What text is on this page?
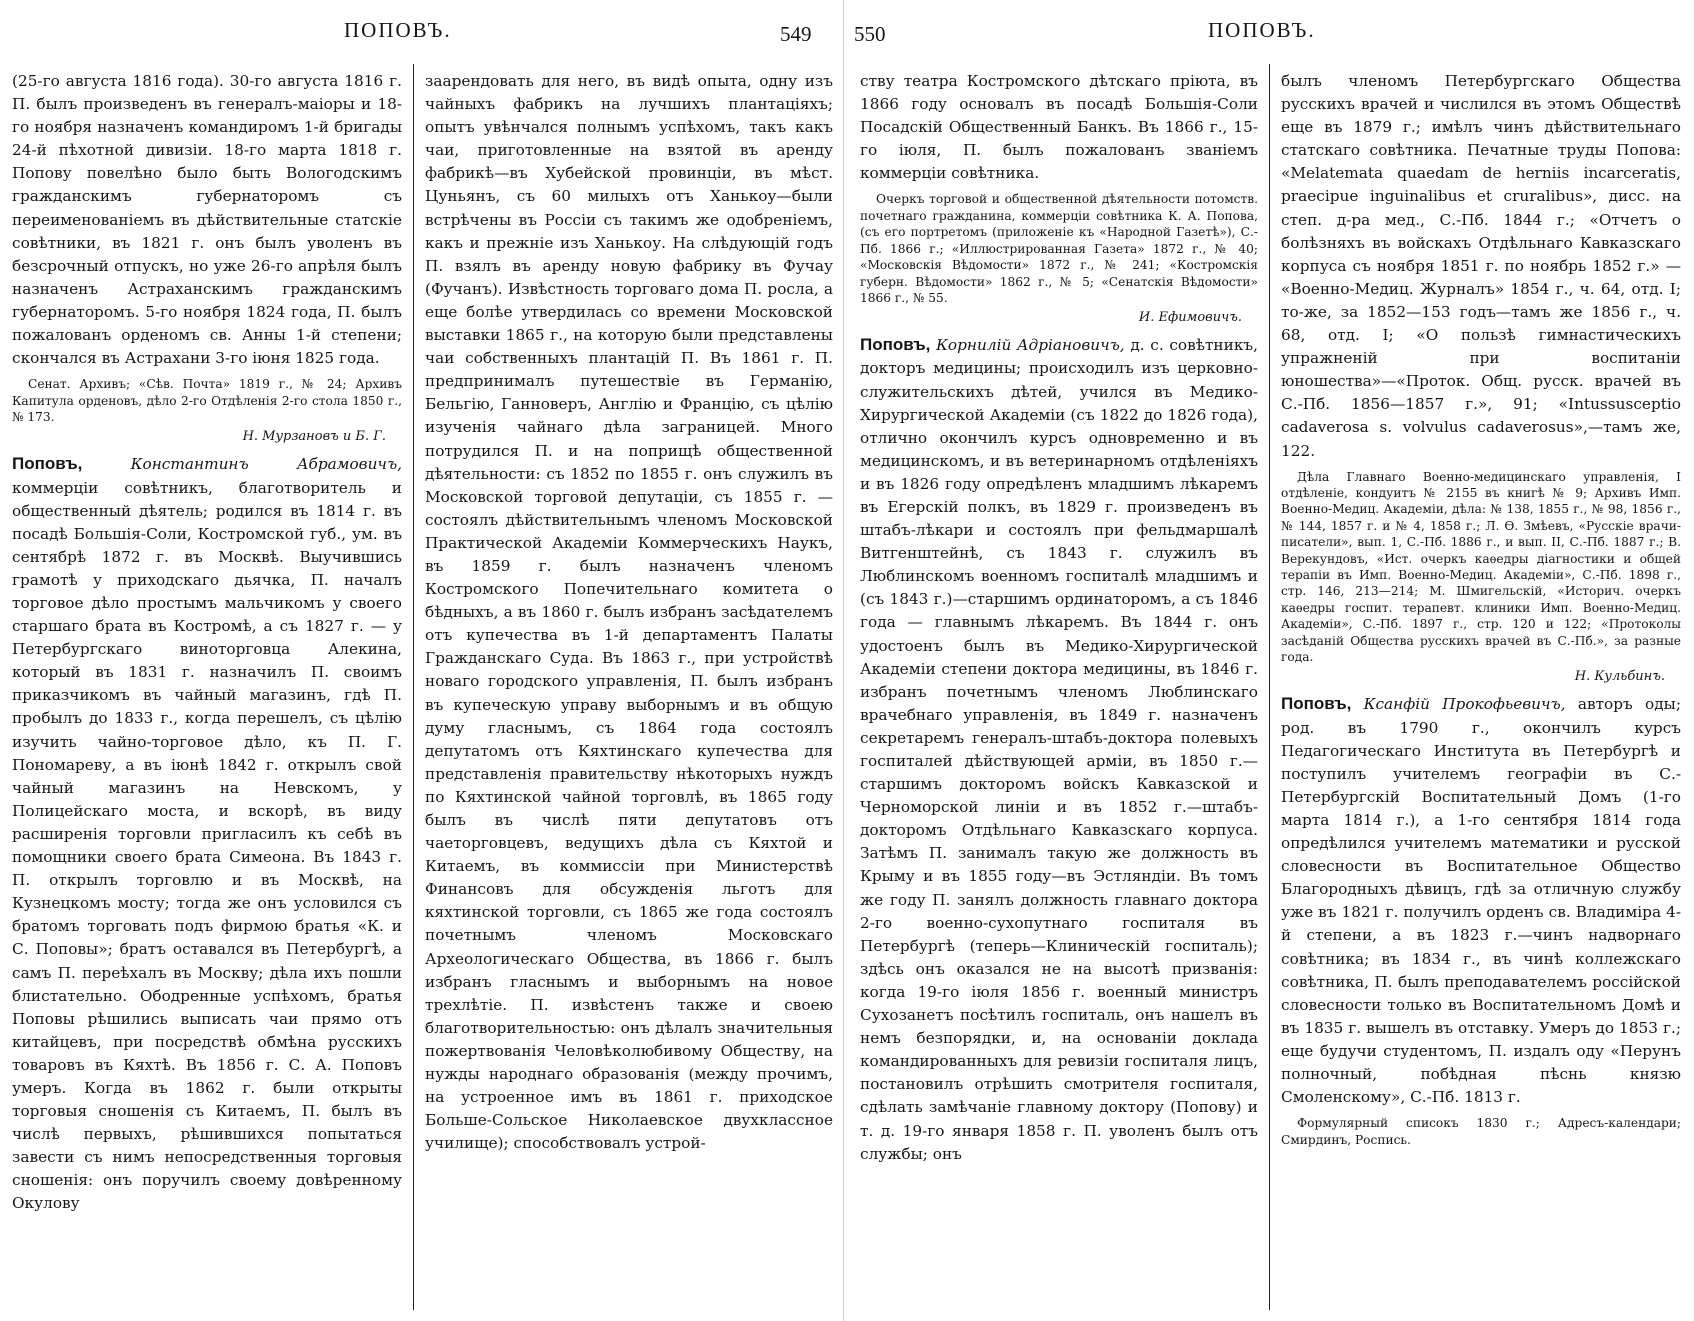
ПОПОВЪ.	549

(25-го августа 1816 года). 30-го августа 1816 г. П. былъ произведенъ въ генералъ-маіоры и 18-го ноября назначенъ командиромъ 1-й бригады 24-й пѣхотной дивизіи. 18-го марта 1818 г. Попову повелѣно было быть Вологодскимъ гражданскимъ губернаторомъ съ переименованіемъ въ дѣйствительные статскіе совѣтники, въ 1821 г. онъ былъ уволенъ въ безсрочный отпускъ, но уже 26-го апрѣля былъ назначенъ Астраханскимъ гражданскимъ губернаторомъ. 5-го ноября 1824 года, П. былъ пожалованъ орденомъ св. Анны 1-й степени; скончался въ Астрахани 3-го іюня 1825 года.

Сенат. Архивъ; «Сѣв. Почта» 1819 г., № 24; Архивъ Капитула орденовъ, дѣло 2-го Отдѣленія 2-го стола 1850 г., № 173.

Н. Мурзановъ и Б. Г.

Поповъ,	Константинъ Абрамовичъ, коммерціи совѣтникъ, благотворитель и общественный дѣятель; родился въ 1814 г. въ посадѣ Большія-Соли, Костромской губ., ум. въ сентябрѣ 1872 г. въ Москвѣ. Выучившись грамотѣ у приходскаго дьячка, П. началъ торговое дѣло простымъ мальчикомъ у своего старшаго брата въ Костромѣ, а съ 1827 г. — у Петербургскаго виноторговца Алекина, который въ 1831 г. назначилъ П. своимъ приказчикомъ въ чайный магазинъ, гдѣ П. пробылъ до 1833 г., когда перешелъ, съ цѣлію изучить чайно-торговое дѣло, къ П. Г. Пономареву, а въ іюнѣ 1842 г. открылъ свой чайный магазинъ на Невскомъ, у Полицейскаго моста, и вскорѣ, въ виду расширенія торговли пригласилъ къ себѣ въ помощники своего брата Симеона. Въ 1843 г. П. открылъ торговлю и въ Москвѣ, на Кузнецкомъ мосту; тогда же онъ условился съ братомъ торговать подъ фирмою братья «К. и С. Поповы»; братъ оставался въ Петербургѣ, а самъ П. переѣхалъ въ Москву; дѣла ихъ пошли блистательно. Ободренные успѣхомъ, братья Поповы рѣшились выписать чаи прямо отъ китайцевъ, при посредствѣ обмѣна русскихъ товаровъ въ Кяхтѣ. Въ 1856 г. С. А. Поповъ умеръ. Когда въ 1862 г. были открыты торговыя сношенія съ Китаемъ, П. былъ въ числѣ первыхъ, рѣшившихся попытаться завести съ нимъ непосредственныя торговыя сношенія: онъ поручилъ своему довѣренному Окулову

заарендовать для него, въ видѣ опыта, одну изъ чайныхъ фабрикъ на лучшихъ плантаціяхъ; опытъ увѣнчался полнымъ успѣхомъ, такъ какъ чаи, приготовленные на взятой въ аренду фабрикѣ—въ Хубейской провинціи, въ мѣст. Цуньянъ, съ 60 милыхъ отъ Ханькоу—были встрѣчены въ Россіи съ такимъ же одобреніемъ, какъ и прежніе изъ Ханькоу. На слѣдующій годъ П. взялъ въ аренду новую фабрику въ Фучау (Фучанъ). Извѣстность торговаго дома П. росла, а еще болѣе утвердилась со времени Московской выставки 1865 г., на которую были представлены чаи собственныхъ плантацій П. Въ 1861 г. П. предпринималъ путешествіе въ Германію, Бельгію, Ганноверъ, Англію и Францію, съ цѣлію изученія чайнаго дѣла заграницей. Много потрудился П. и на поприщѣ общественной дѣятельности: съ 1852 по 1855 г. онъ служилъ въ Московской торговой депутаціи, съ 1855 г. —состоялъ дѣйствительнымъ членомъ Московской Практической Академіи Коммерческихъ Наукъ, въ 1859 г. былъ назначенъ членомъ Костромского Попечительнаго комитета о бѣдныхъ, а въ 1860 г. былъ избранъ засѣдателемъ отъ купечества въ 1-й департаментъ Палаты Гражданскаго Суда. Въ 1863 г., при устройствѣ новаго городского управленія, П. былъ избранъ въ купеческую управу выборнымъ и въ общую думу гласнымъ, съ 1864 года состоялъ депутатомъ отъ Кяхтинскаго купечества для представленія правительству нѣкоторыхъ нуждъ по Кяхтинской чайной торговлѣ, въ 1865 году былъ въ числѣ пяти депутатовъ отъ чаеторговцевъ, ведущихъ дѣла съ Кяхтой и Китаемъ, въ коммиссіи при Министерствѣ Финансовъ для обсужденія льготъ для кяхтинской торговли, съ 1865 же года состоялъ почетнымъ членомъ Московскаго Археологическаго Общества, въ 1866 г. былъ избранъ гласнымъ и выборнымъ на новое трехлѣтіе. П. извѣстенъ также и своею благотворительностью: онъ дѣлалъ значительныя пожертвованія Человѣколюбивому Обществу, на нужды народнаго образованія (между прочимъ, на устроенное имъ въ 1861 г. приходское Больше-Сольское Николаевское двухклассное училище); способствовалъ устрой-

550	ПОПОВЪ.

ству театра Костромского дѣтскаго пріюта, въ 1866 году основалъ въ посадѣ Большія-Соли Посадскій Общественный Банкъ. Въ 1866 г., 15-го іюля, П. былъ пожалованъ званіемъ коммерціи совѣтника.

Очеркъ торговой и общественной дѣятельности потомств. почетнаго гражданина, коммерціи совѣтника К. А. Попова, (съ его портретомъ (приложеніе къ «Народной Газетѣ»), С.-Пб. 1866 г.; «Иллюстрированная Газета» 1872 г., № 40; «Московскія Вѣдомости» 1872 г., № 241; «Костромскія губерн. Вѣдомости» 1862 г., № 5; «Сенатскія Вѣдомости» 1866 г., № 55.

И. Ефимовичъ.

Поповъ, Корнилій Адріановичъ, д. с. совѣтникъ, докторъ медицины; происходилъ изъ церковно-служительскихъ дѣтей, учился въ Медико-Хирургической Академіи (съ 1822 до 1826 года), отлично окончилъ курсъ одновременно и въ медицинскомъ, и въ ветеринарномъ отдѣленіяхъ и въ 1826 году опредѣленъ младшимъ лѣкаремъ въ Егерскій полкъ, въ 1829 г. произведенъ въ штабъ-лѣкари и состоялъ при фельдмаршалѣ Витгенштейнѣ, съ 1843 г. служилъ въ Люблинскомъ военномъ госпиталѣ младшимъ и (съ 1843 г.)—старшимъ ординаторомъ, а съ 1846 года — главнымъ лѣкаремъ. Въ 1844 г. онъ удостоенъ былъ въ Медико-Хирургической Академіи степени доктора медицины, въ 1846 г. избранъ почетнымъ членомъ Люблинскаго врачебнаго управленія, въ 1849 г. назначенъ секретаремъ генералъ-штабъ-доктора полевыхъ госпиталей дѣйствующей арміи, въ 1850 г.—старшимъ докторомъ войскъ Кавказской и Черноморской линіи и въ 1852 г.—штабъ-докторомъ Отдѣльнаго Кавказскаго корпуса. Затѣмъ П. занималъ такую же должность въ Крыму и въ 1855 году—въ Эстляндіи. Въ томъ же году П. занялъ должность главнаго доктора 2-го военно-сухопутнаго госпиталя въ Петербургѣ (теперь—Клиническій госпиталь); здѣсь онъ оказался не на высотѣ призванія: когда 19-го іюля 1856 г. военный министръ Сухозанетъ посѣтилъ госпиталь, онъ нашелъ въ немъ безпорядки, и, на основаніи доклада командированныхъ для ревизіи госпиталя лицъ, постановилъ отрѣшить смотрителя госпиталя, сдѣлать замѣчаніе главному доктору (Попову) и т. д. 19-го января 1858 г. П. уволенъ былъ отъ службы; онъ

былъ членомъ Петербургскаго Общества русскихъ врачей и числился въ этомъ Обществѣ еще въ 1879 г.; имѣлъ чинъ дѣйствительнаго статскаго совѣтника. Печатные труды Попова: «Melatemata quaedam de herniis incarceratis, praecipue inguinalibus et cruralibus», дисс. на степ. д-ра мед., С.-Пб. 1844 г.; «Отчетъ о болѣзняхъ въ войскахъ Отдѣльнаго Кавказскаго корпуса съ ноября 1851 г. по ноябрь 1852 г.» — «Военно-Медиц. Журналъ» 1854 г., ч. 64, отд. I; то-же, за 1852—153 годъ—тамъ же 1856 г., ч. 68, отд. I; «О пользѣ гимнастическихъ упражненій при воспитаніи юношества»—«Проток. Общ. русск. врачей въ С.-Пб. 1856—1857 г.», 91; «Intussusceptio cadaverosa s. volvulus cadaverosus»,—тамъ же, 122.

Дѣла Главнаго Военно-медицинскаго управленія, I отдѣленіе, кондуитъ № 2155 въ книгѣ № 9; Архивъ Имп. Военно-Медиц. Академіи, дѣла: № 138, 1855 г., № 98, 1856 г., № 144, 1857 г. и № 4, 1858 г.; Л. Ѳ. Змѣевъ, «Русскіе врачи-писатели», вып. 1, С.-Пб. 1886 г., и вып. II, С.-Пб. 1887 г.; В. Верекундовъ, «Ист. очеркъ каѳедры діагностики и общей терапіи въ Имп. Военно-Медиц. Академіи», С.-Пб. 1898 г., стр. 146, 213—214; М. Шмигельскій, «Историч. очеркъ каѳедры госпит. терапевт. клиники Имп. Военно-Медиц. Академіи», С.-Пб. 1897 г., стр. 120 и 122; «Протоколы засѣданій Общества русскихъ врачей въ С.-Пб.», за разные года.

Н. Кульбинъ.

Поповъ, Ксанфій Прокофьевичъ, авторъ оды; род. въ 1790 г., окончилъ курсъ Педагогическаго Института въ Петербургѣ и поступилъ учителемъ географіи въ С.-Петербургскій Воспитательный Домъ (1-го марта 1814 г.), а 1-го сентября 1814 года опредѣлился учителемъ математики и русской словесности въ Воспитательное Общество Благородныхъ дѣвицъ, гдѣ за отличную службу уже въ 1821 г. получилъ орденъ св. Владиміра 4-й степени, а въ 1823 г.—чинъ надворнаго совѣтника; въ 1834 г., въ чинѣ коллежскаго совѣтника, П. былъ преподавателемъ россійской словесности только въ Воспитательномъ Домѣ и въ 1835 г. вышелъ въ отставку. Умеръ до 1853 г.; еще будучи студентомъ, П. издалъ оду «Перунъ полночный, побѣдная пѣснь князю Смоленскому», С.-Пб. 1813 г.

Формулярный списокъ 1830 г.; Адресъ-календари; Смирдинъ, Роспись.
